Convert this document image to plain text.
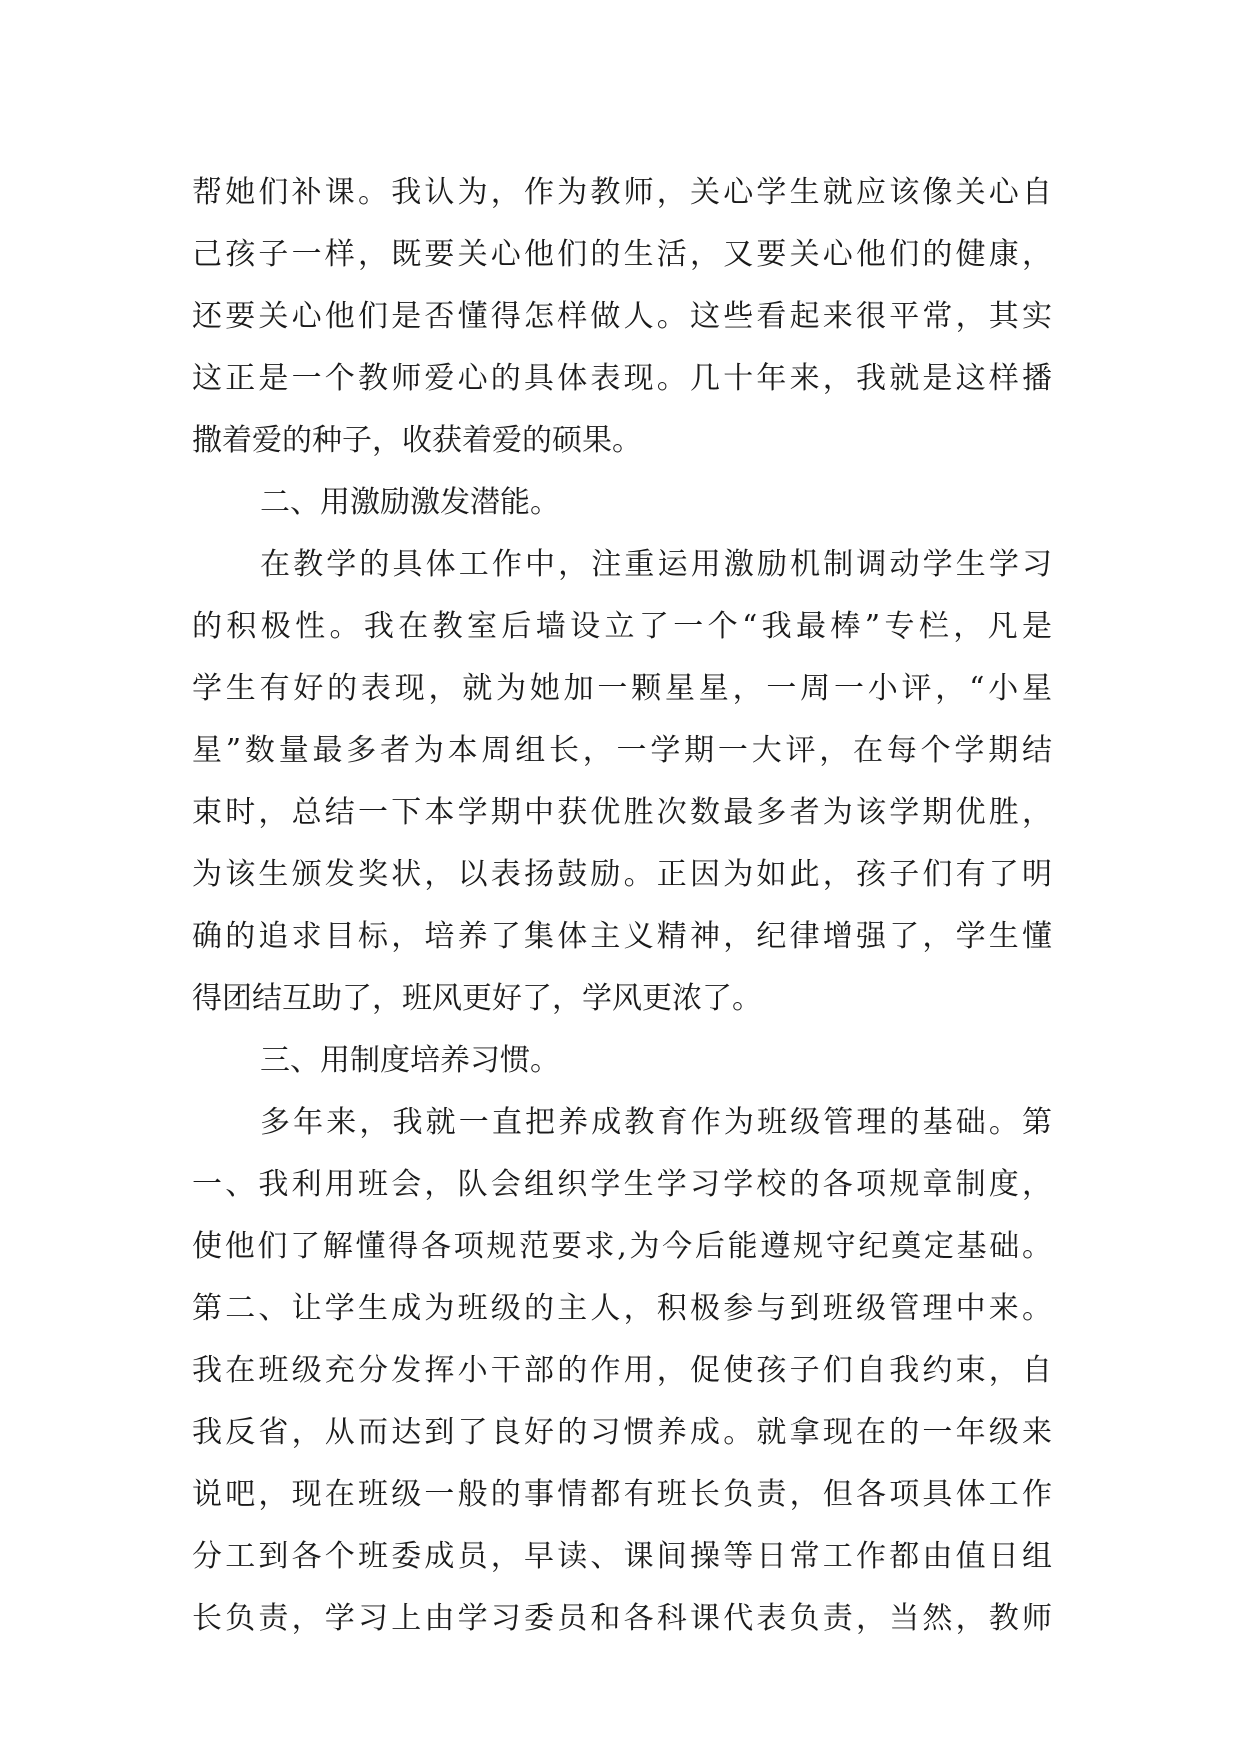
帮她们补课。我认为，作为教师，关心学生就应该像关心自
己孩子一样，既要关心他们的生活，又要关心他们的健康，
还要关心他们是否懂得怎样做人。这些看起来很平常，其实
这正是一个教师爱心的具体表现。几十年来，我就是这样播
撒着爱的种子，收获着爱的硕果。
二、用激励激发潜能。
在教学的具体工作中，注重运用激励机制调动学生学习
的积极性。我在教室后墙设立了一个“我最棒”专栏，凡是
学生有好的表现，就为她加一颗星星，一周一小评，“小星
星”数量最多者为本周组长，一学期一大评，在每个学期结
束时，总结一下本学期中获优胜次数最多者为该学期优胜，
为该生颁发奖状，以表扬鼓励。正因为如此，孩子们有了明
确的追求目标，培养了集体主义精神，纪律增强了，学生懂
得团结互助了，班风更好了，学风更浓了。
三、用制度培养习惯。
多年来，我就一直把养成教育作为班级管理的基础。第
一、我利用班会，队会组织学生学习学校的各项规章制度，
使他们了解懂得各项规范要求,为今后能遵规守纪奠定基础。
第二、让学生成为班级的主人，积极参与到班级管理中来。
我在班级充分发挥小干部的作用，促使孩子们自我约束，自
我反省，从而达到了良好的习惯养成。就拿现在的一年级来
说吧，现在班级一般的事情都有班长负责，但各项具体工作
分工到各个班委成员，早读、课间操等日常工作都由值日组
长负责，学习上由学习委员和各科课代表负责，当然，教师
